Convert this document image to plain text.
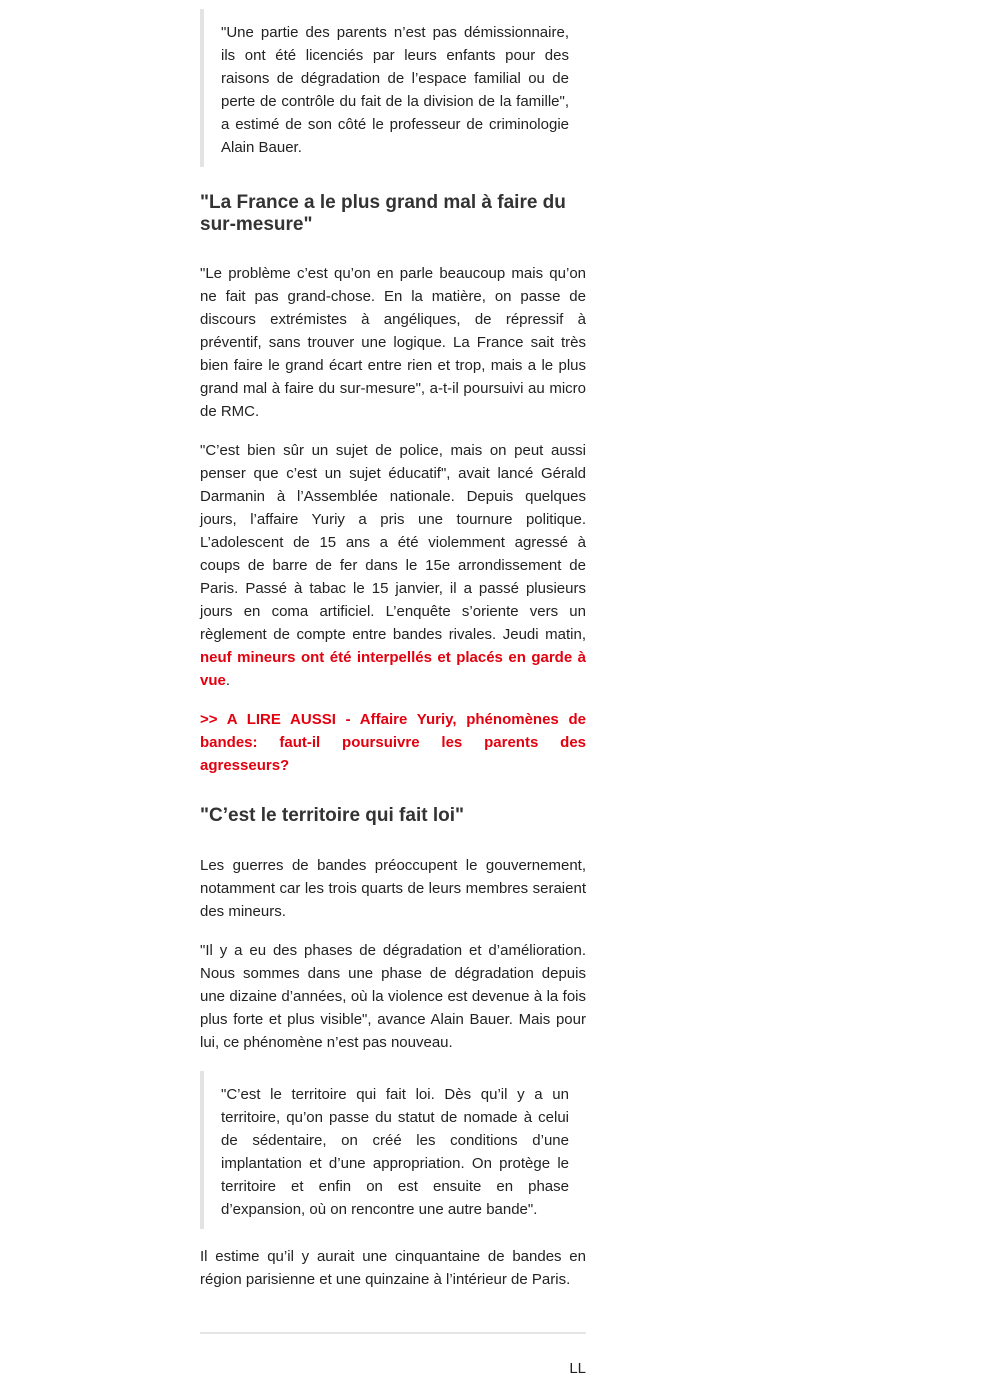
"Une partie des parents n’est pas démissionnaire, ils ont été licenciés par leurs enfants pour des raisons de dégradation de l’espace familial ou de perte de contrôle du fait de la division de la famille", a estimé de son côté le professeur de criminologie Alain Bauer.

"La France a le plus grand mal à faire du sur-mesure"

"Le problème c’est qu’on en parle beaucoup mais qu’on ne fait pas grand-chose. En la matière, on passe de discours extrémistes à angéliques, de répressif à préventif, sans trouver une logique. La France sait très bien faire le grand écart entre rien et trop, mais a le plus grand mal à faire du sur-mesure", a-t-il poursuivi au micro de RMC.

"C’est bien sûr un sujet de police, mais on peut aussi penser que c’est un sujet éducatif", avait lancé Gérald Darmanin à l’Assemblée nationale. Depuis quelques jours, l’affaire Yuriy a pris une tournure politique. L’adolescent de 15 ans a été violemment agressé à coups de barre de fer dans le 15e arrondissement de Paris. Passé à tabac le 15 janvier, il a passé plusieurs jours en coma artificiel. L’enquête s’oriente vers un règlement de compte entre bandes rivales. Jeudi matin, neuf mineurs ont été interpellés et placés en garde à vue.

>> A LIRE AUSSI - Affaire Yuriy, phénomènes de bandes: faut-il poursuivre les parents des agresseurs?

"C’est le territoire qui fait loi"

Les guerres de bandes préoccupent le gouvernement, notamment car les trois quarts de leurs membres seraient des mineurs.

"Il y a eu des phases de dégradation et d’amélioration. Nous sommes dans une phase de dégradation depuis une dizaine d’années, où la violence est devenue à la fois plus forte et plus visible", avance Alain Bauer. Mais pour lui, ce phénomène n’est pas nouveau.

"C’est le territoire qui fait loi. Dès qu’il y a un territoire, qu’on passe du statut de nomade à celui de sédentaire, on créé les conditions d’une implantation et d’une appropriation. On protège le territoire et enfin on est ensuite en phase d’expansion, où on rencontre une autre bande".

Il estime qu’il y aurait une cinquantaine de bandes en région parisienne et une quinzaine à l’intérieur de Paris.

LL
